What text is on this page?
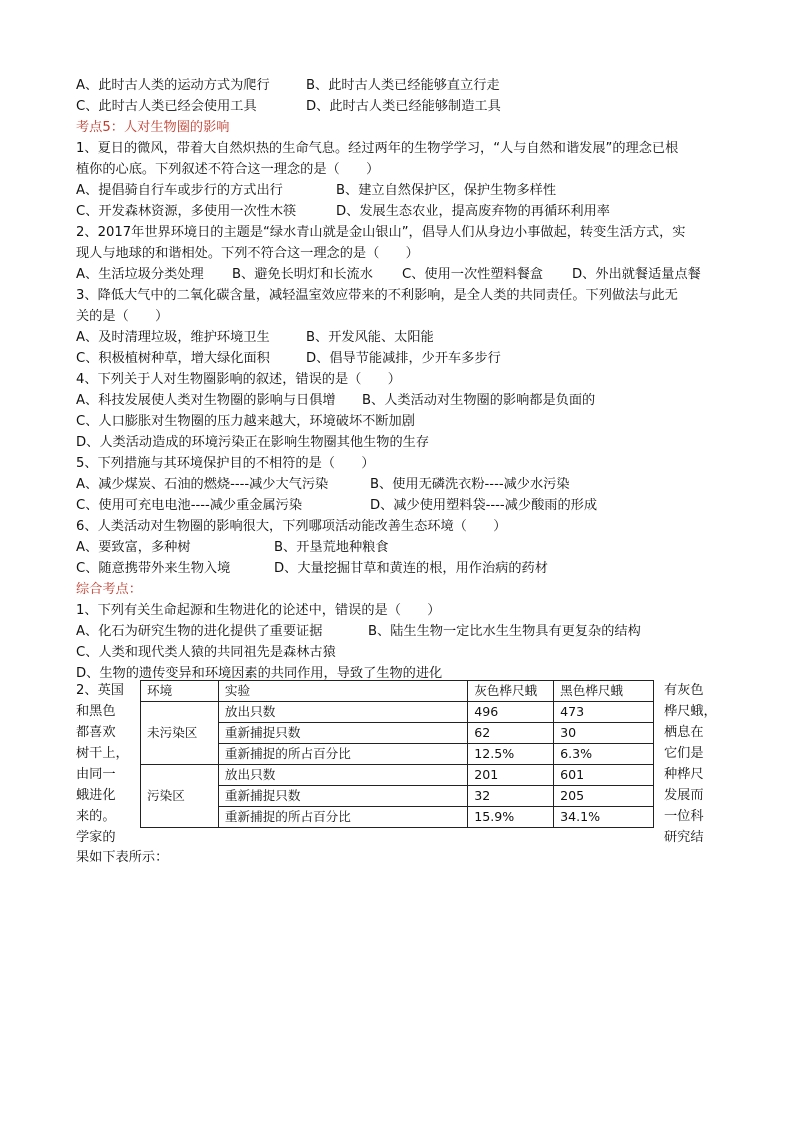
A、此时古人类的运动方式为爬行	B、此时古人类已经能够直立行走
C、此时古人类已经会使用工具	D、此时古人类已经能够制造工具
考点5：人对生物圈的影响
1、夏日的微风，带着大自然炽热的生命气息。经过两年的生物学学习，“人与自然和谐发展”的理念已根
植你的心底。下列叙述不符合这一理念的是（　　）
A、提倡骑自行车或步行的方式出行	B、建立自然保护区，保护生物多样性
C、开发森林资源，多使用一次性木筷	D、发展生态农业，提高废弃物的再循环利用率
2、2017年世界环境日的主题是“绿水青山就是金山银山”，倡导人们从身边小事做起，转变生活方式，实
现人与地球的和谐相处。下列不符合这一理念的是（　　）
A、生活垃圾分类处理 B、避免长明灯和长流水 C、使用一次性塑料餐盒 D、外出就餐适量点餐
3、降低大气中的二氧化碳含量，减轻温室效应带来的不利影响，是全人类的共同责任。下列做法与此无
关的是（　　）
A、及时清理垃圾，维护环境卫生	B、开发风能、太阳能
C、积极植树种草，增大绿化面积	D、倡导节能减排，少开车多步行
4、下列关于人对生物圈影响的叙述，错误的是（　　）
A、科技发展使人类对生物圈的影响与日俱增 B、人类活动对生物圈的影响都是负面的
C、人口膨胀对生物圈的压力越来越大，环境破坏不断加剧
D、人类活动造成的环境污染正在影响生物圈其他生物的生存
5、下列措施与其环境保护目的不相符的是（　　）
A、减少煤炭、石油的燃烧----减少大气污染	B、使用无磷洗衣粉----减少水污染
C、使用可充电电池----减少重金属污染	D、减少使用塑料袋----减少酸雨的形成
6、人类活动对生物圈的影响很大，下列哪项活动能改善生态环境（　　）
A、要致富，多种树	B、开垦荒地种粮食
C、随意携带外来生物入境	D、大量挖掘甘草和黄连的根，用作治病的药材
综合考点：
1、下列有关生命起源和生物进化的论述中，错误的是（　　）
A、化石为研究生物的进化提供了重要证据	B、陆生生物一定比水生生物具有更复杂的结构
C、人类和现代类人猿的共同祖先是森林古猿
D、生物的遗传变异和环境因素的共同作用，导致了生物的进化
2、英国
和黑色
都喜欢
树干上，
由同一
蛾进化
来的。
学家的
有灰色
桦尺蛾，
栖息在
它们是
种桦尺
发展而
一位科
研究结
环境	实验	灰色桦尺蛾	黑色桦尺蛾
未污染区	放出只数	496	473
	重新捕捉只数	62	30
	重新捕捉的所占百分比	12.5%	6.3%
污染区	放出只数	201	601
	重新捕捉只数	32	205
	重新捕捉的所占百分比	15.9%	34.1%
果如下表所示：
